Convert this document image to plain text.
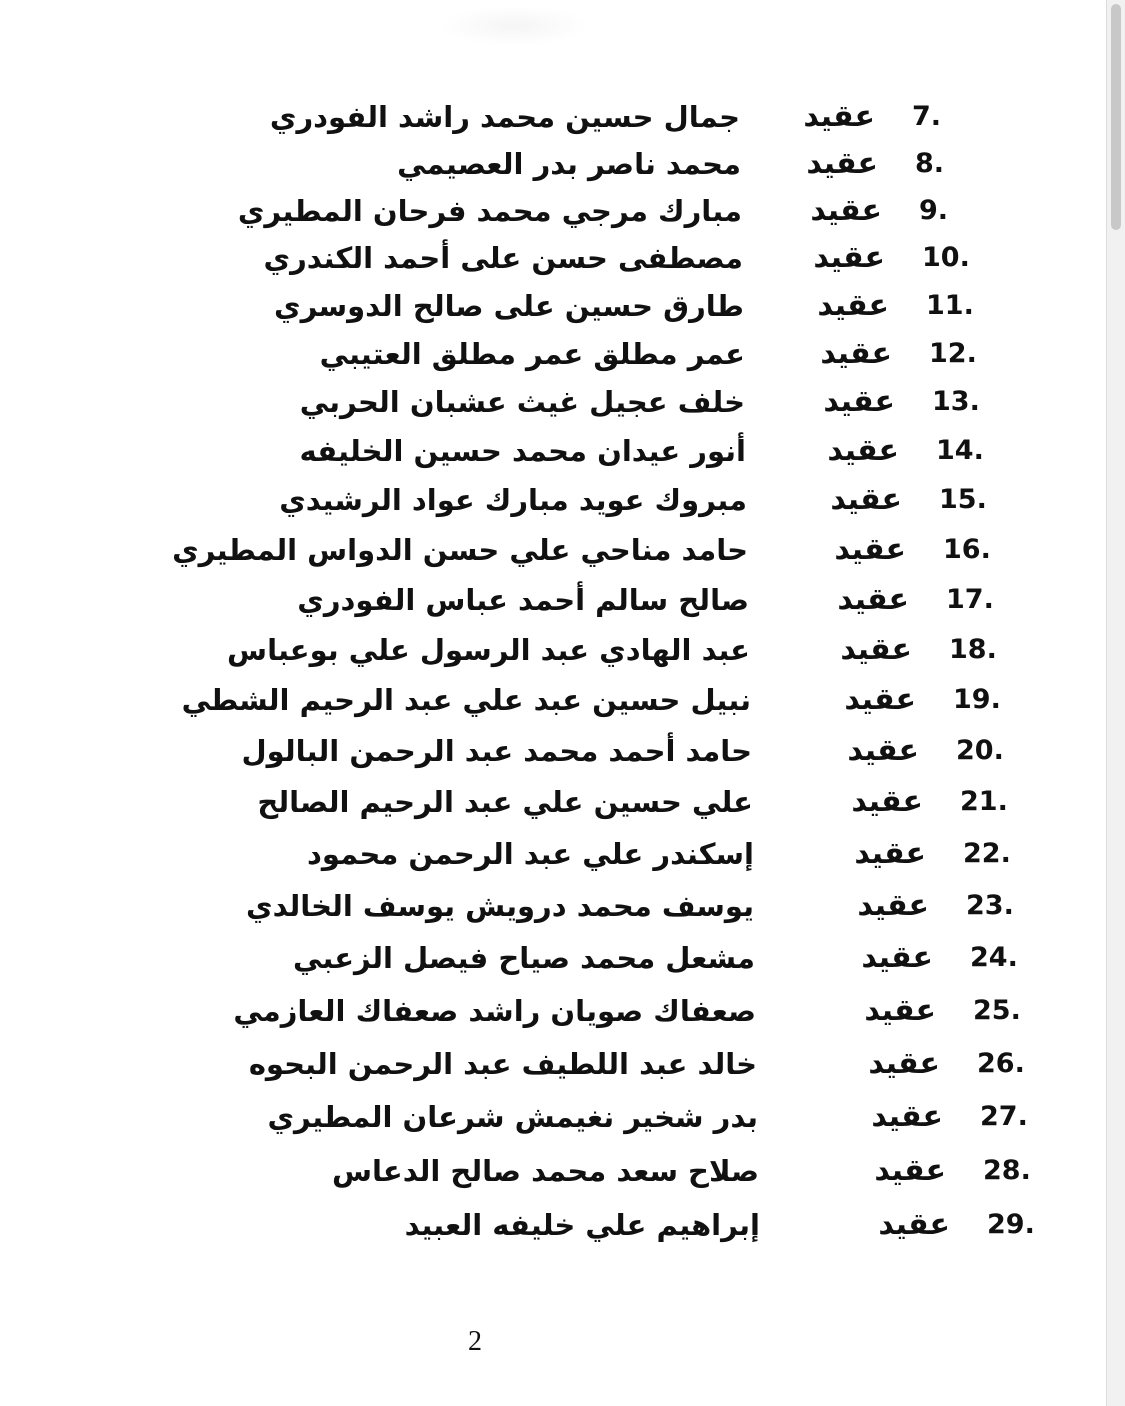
7.
عقيد
جمال حسين محمد راشد الفودري
8.
عقيد
محمد ناصر بدر العصيمي
9.
عقيد
مبارك مرجي محمد فرحان المطيري
10.
عقيد
مصطفى حسن على أحمد الكندري
11.
عقيد
طارق حسين على صالح الدوسري
12.
عقيد
عمر مطلق عمر مطلق العتيبي
13.
عقيد
خلف عجيل غيث عشبان الحربي
14.
عقيد
أنور عيدان محمد حسين الخليفه
15.
عقيد
مبروك عويد مبارك عواد الرشيدي
16.
عقيد
حامد مناحي علي حسن الدواس المطيري
17.
عقيد
صالح سالم أحمد عباس الفودري
18.
عقيد
عبد الهادي عبد الرسول علي بوعباس
19.
عقيد
نبيل حسين عبد علي عبد الرحيم الشطي
20.
عقيد
حامد أحمد محمد عبد الرحمن البالول
21.
عقيد
علي حسين علي عبد الرحيم الصالح
22.
عقيد
إسكندر علي عبد الرحمن محمود
23.
عقيد
يوسف محمد درويش يوسف الخالدي
24.
عقيد
مشعل محمد صياح فيصل الزعبي
25.
عقيد
صعفاك صويان راشد صعفاك العازمي
26.
عقيد
خالد عبد اللطيف عبد الرحمن البحوه
27.
عقيد
بدر شخير نغيمش شرعان المطيري
28.
عقيد
صلاح سعد محمد صالح الدعاس
29.
عقيد
إبراهيم علي خليفه العبيد
2
